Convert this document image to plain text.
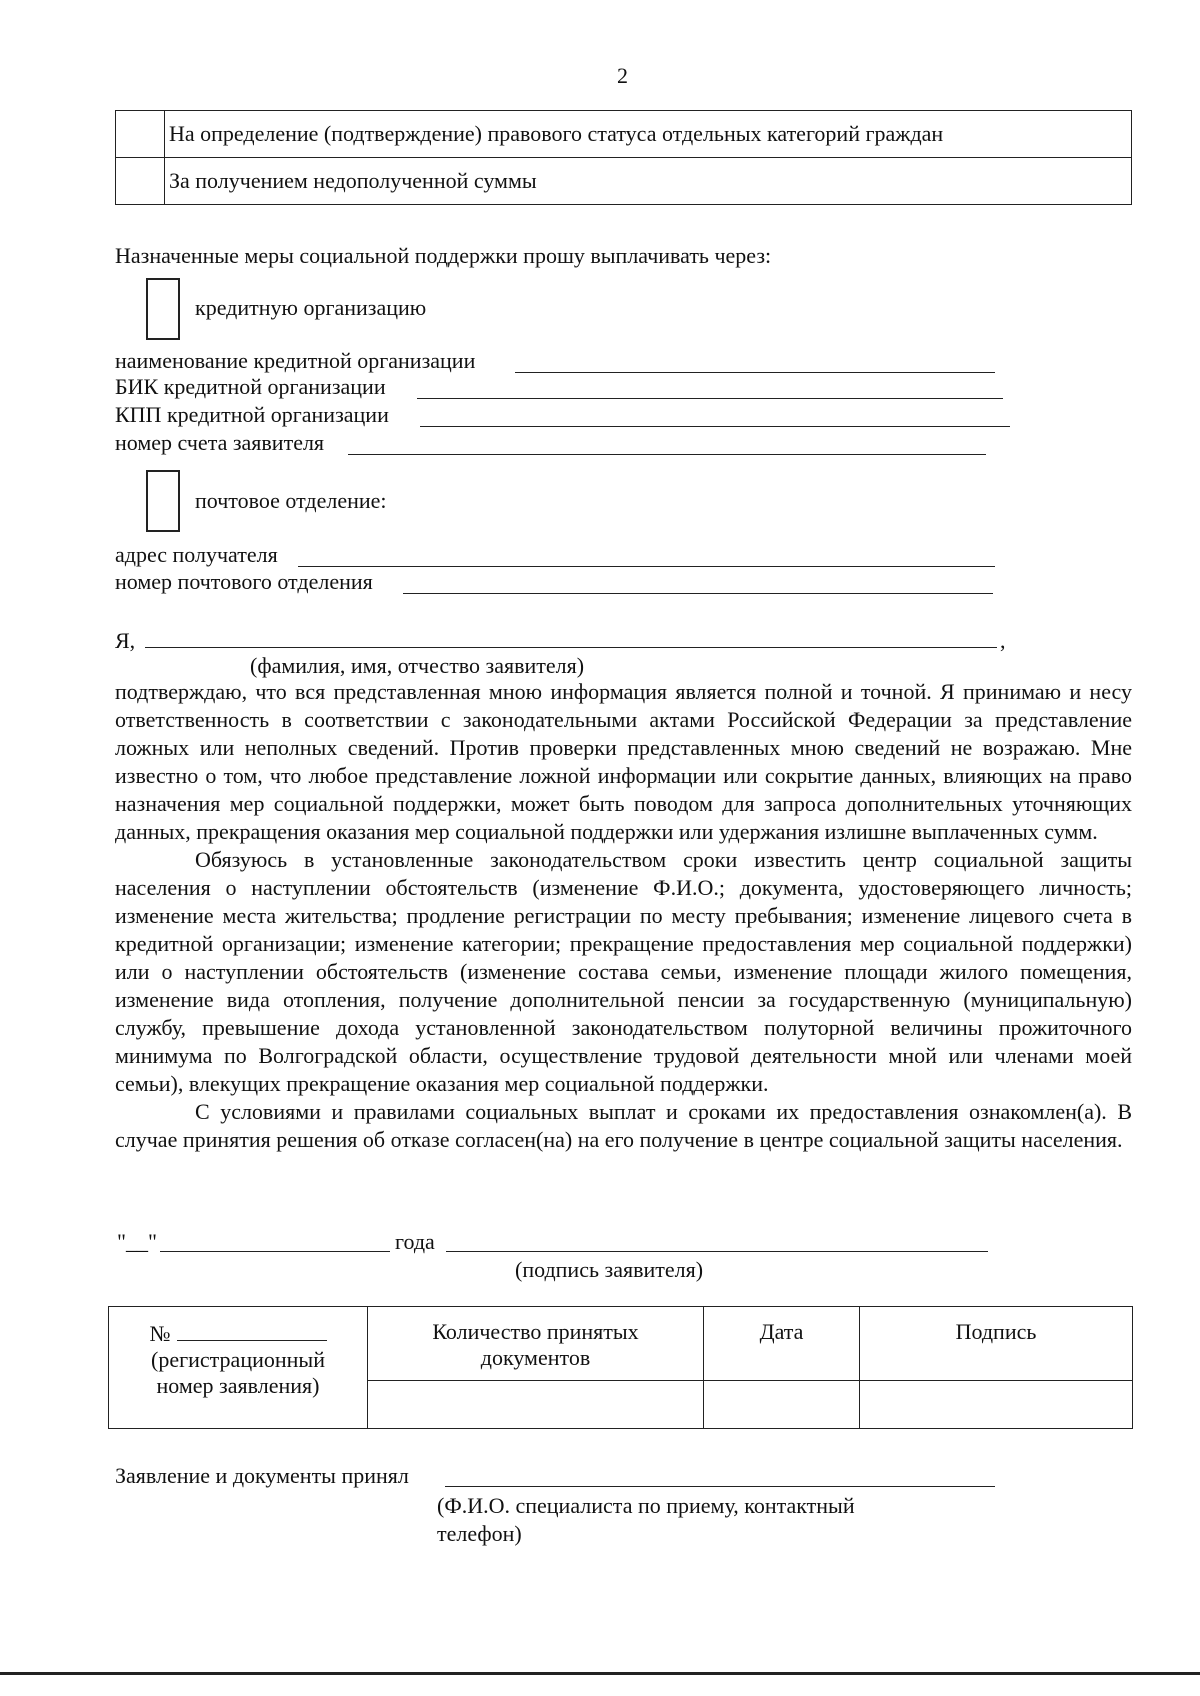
2
	На определение (подтверждение) правового статуса отдельных категорий граждан
	За получением недополученной суммы
Назначенные меры социальной поддержки прошу выплачивать через:
кредитную организацию
наименование кредитной организации
БИК кредитной организации
КПП кредитной организации
номер счета заявителя
почтовое отделение:
адрес получателя
номер почтового отделения
Я,	,
(фамилия, имя, отчество заявителя)

подтверждаю, что вся представленная мною информация является полной и точной. Я принимаю и несу ответственность в соответствии с законодательными актами Российской Федерации за представление ложных или неполных сведений. Против проверки представленных мною сведений не возражаю. Мне известно о том, что любое представление ложной информации или сокрытие данных, влияющих на право назначения мер социальной поддержки, может быть поводом для запроса дополнительных уточняющих данных, прекращения оказания мер социальной поддержки или удержания излишне выплаченных сумм.

Обязуюсь в установленные законодательством сроки известить центр социальной защиты населения о наступлении обстоятельств (изменение Ф.И.О.; документа, удостоверяющего личность; изменение места жительства; продление регистрации по месту пребывания; изменение лицевого счета в кредитной организации; изменение категории; прекращение предоставления мер социальной поддержки) или о наступлении обстоятельств (изменение состава семьи, изменение площади жилого помещения, изменение вида отопления, получение дополнительной пенсии за государственную (муниципальную) службу, превышение дохода установленной законодательством полуторной величины прожиточного минимума по Волгоградской области, осуществление трудовой деятельности мной или членами моей семьи), влекущих прекращение оказания мер социальной поддержки.

С условиями и правилами социальных выплат и сроками их предоставления ознакомлен(а). В случае принятия решения об отказе согласен(на) на его получение в центре социальной защиты населения.

"__"	года
(подпись заявителя)
№
(регистрационный номер заявления)	Количество принятых документов	Дата	Подпись

Заявление и документы принял
(Ф.И.О. специалиста по приему, контактный телефон)
